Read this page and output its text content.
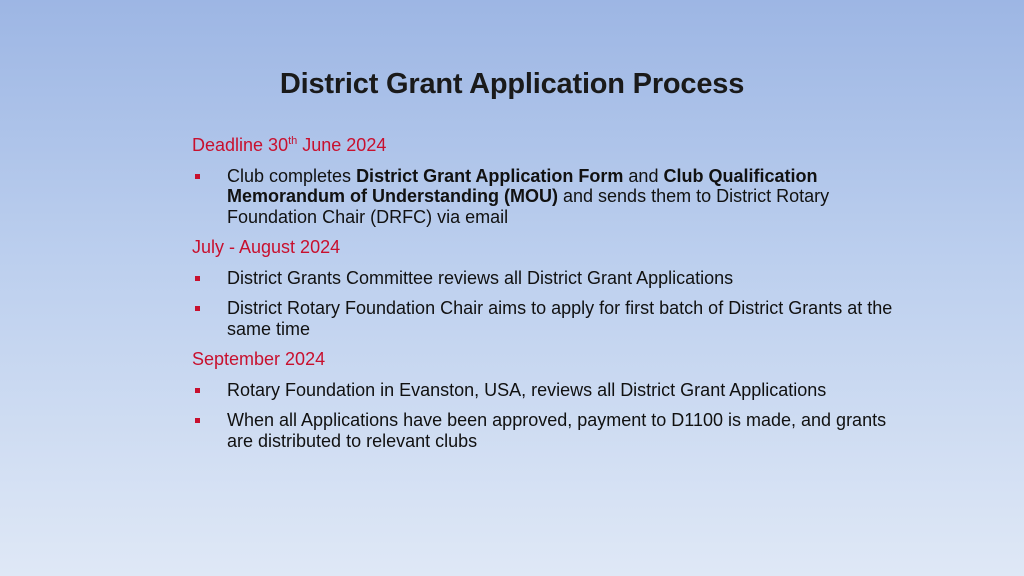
District Grant Application Process
Deadline 30th June 2024
Club completes District Grant Application Form and Club Qualification Memorandum of Understanding (MOU) and sends them to District Rotary Foundation Chair (DRFC) via email
July - August 2024
District Grants Committee reviews all District Grant Applications
District Rotary Foundation Chair aims to apply for first batch of District Grants at the same time
September 2024
Rotary Foundation in Evanston, USA, reviews all District Grant Applications
When all Applications have been approved, payment to D1100 is made, and grants are distributed to relevant clubs
